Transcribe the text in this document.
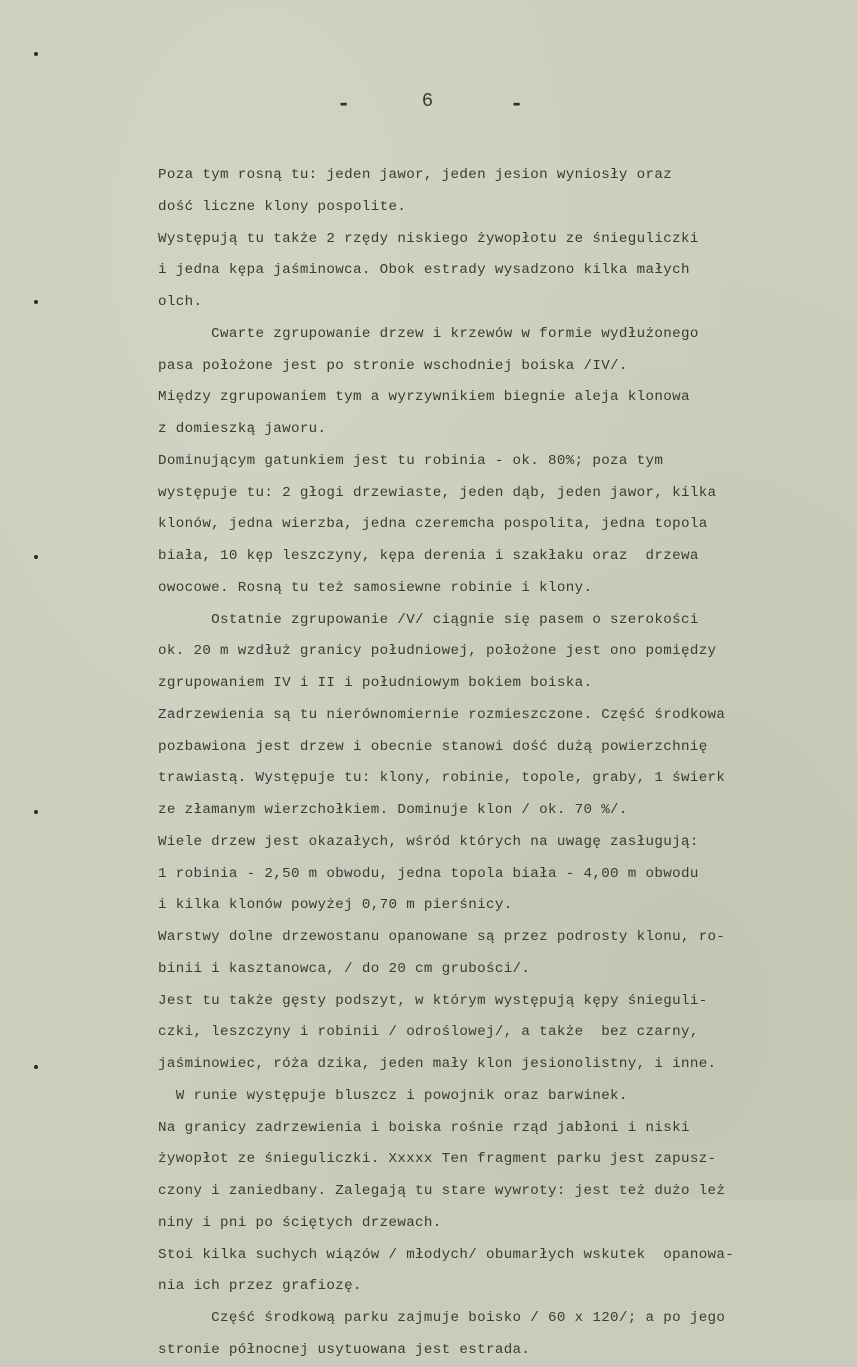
-	6	-
Poza tym rosną tu: jeden jawor, jeden jesion wyniosły oraz
dość liczne klony pospolite.
Występują tu także 2 rzędy niskiego żywopłotu ze śnieguliczki
i jedna kępa jaśminowca. Obok estrady wysadzono kilka małych
olch.
Cwarte zgrupowanie drzew i krzewów w formie wydłużonego
pasa położone jest po stronie wschodniej boiska /IV/.
Między zgrupowaniem tym a wyrzywnikiem biegnie aleja klonowa
z domieszką jaworu.
Dominującym gatunkiem jest tu robinia - ok. 80%; poza tym
występuje tu: 2 głogi drzewiaste, jeden dąb, jeden jawor, kilka
klonów, jedna wierzba, jedna czeremcha pospolita, jedna topola
biała, 10 kęp leszczyny, kępa derenia i szakłaku oraz  drzewa
owocowe. Rosną tu też samosiewne robinie i klony.
Ostatnie zgrupowanie /V/ ciągnie się pasem o szerokości
ok. 20 m wzdłuż granicy południowej, położone jest ono pomiędzy
zgrupowaniem IV i II i południowym bokiem boiska.
Zadrzewienia są tu nierównomiernie rozmieszczone. Część środkowa
pozbawiona jest drzew i obecnie stanowi dość dużą powierzchnię
trawiastą. Występuje tu: klony, robinie, topole, graby, 1 świerk
ze złamanym wierzchołkiem. Dominuje klon / ok. 70 %/.
Wiele drzew jest okazałych, wśród których na uwagę zasługują:
1 robinia - 2,50 m obwodu, jedna topola biała - 4,00 m obwodu
i kilka klonów powyżej 0,70 m pierśnicy.
Warstwy dolne drzewostanu opanowane są przez podrosty klonu, ro-
binii i kasztanowca, / do 20 cm grubości/.
Jest tu także gęsty podszyt, w którym występują kępy śniegulі-
czki, leszczyny i robinii / odroślowej/, a także  bez czarny,
jaśminowiec, róża dzika, jeden mały klon jesionolistny, i inne.
W runie występuje bluszcz i powojnik oraz barwinek.
Na granicy zadrzewienia i boiska rośnie rząd jabłoni i niski
żywopłot ze śnieguliczki. Xxxxx Ten fragment parku jest zapusz-
czony i zaniedbany. Zalegają tu stare wywroty: jest też dużo leż
niny i pni po ściętych drzewach.
Stoi kilka suchych wiązów / młodych/ obumarłych wskutek  opanowa-
nia ich przez grafiozę.
Część środkową parku zajmuje boisko / 60 x 120/; a po jego
stronie północnej usytuowana jest estrada.
